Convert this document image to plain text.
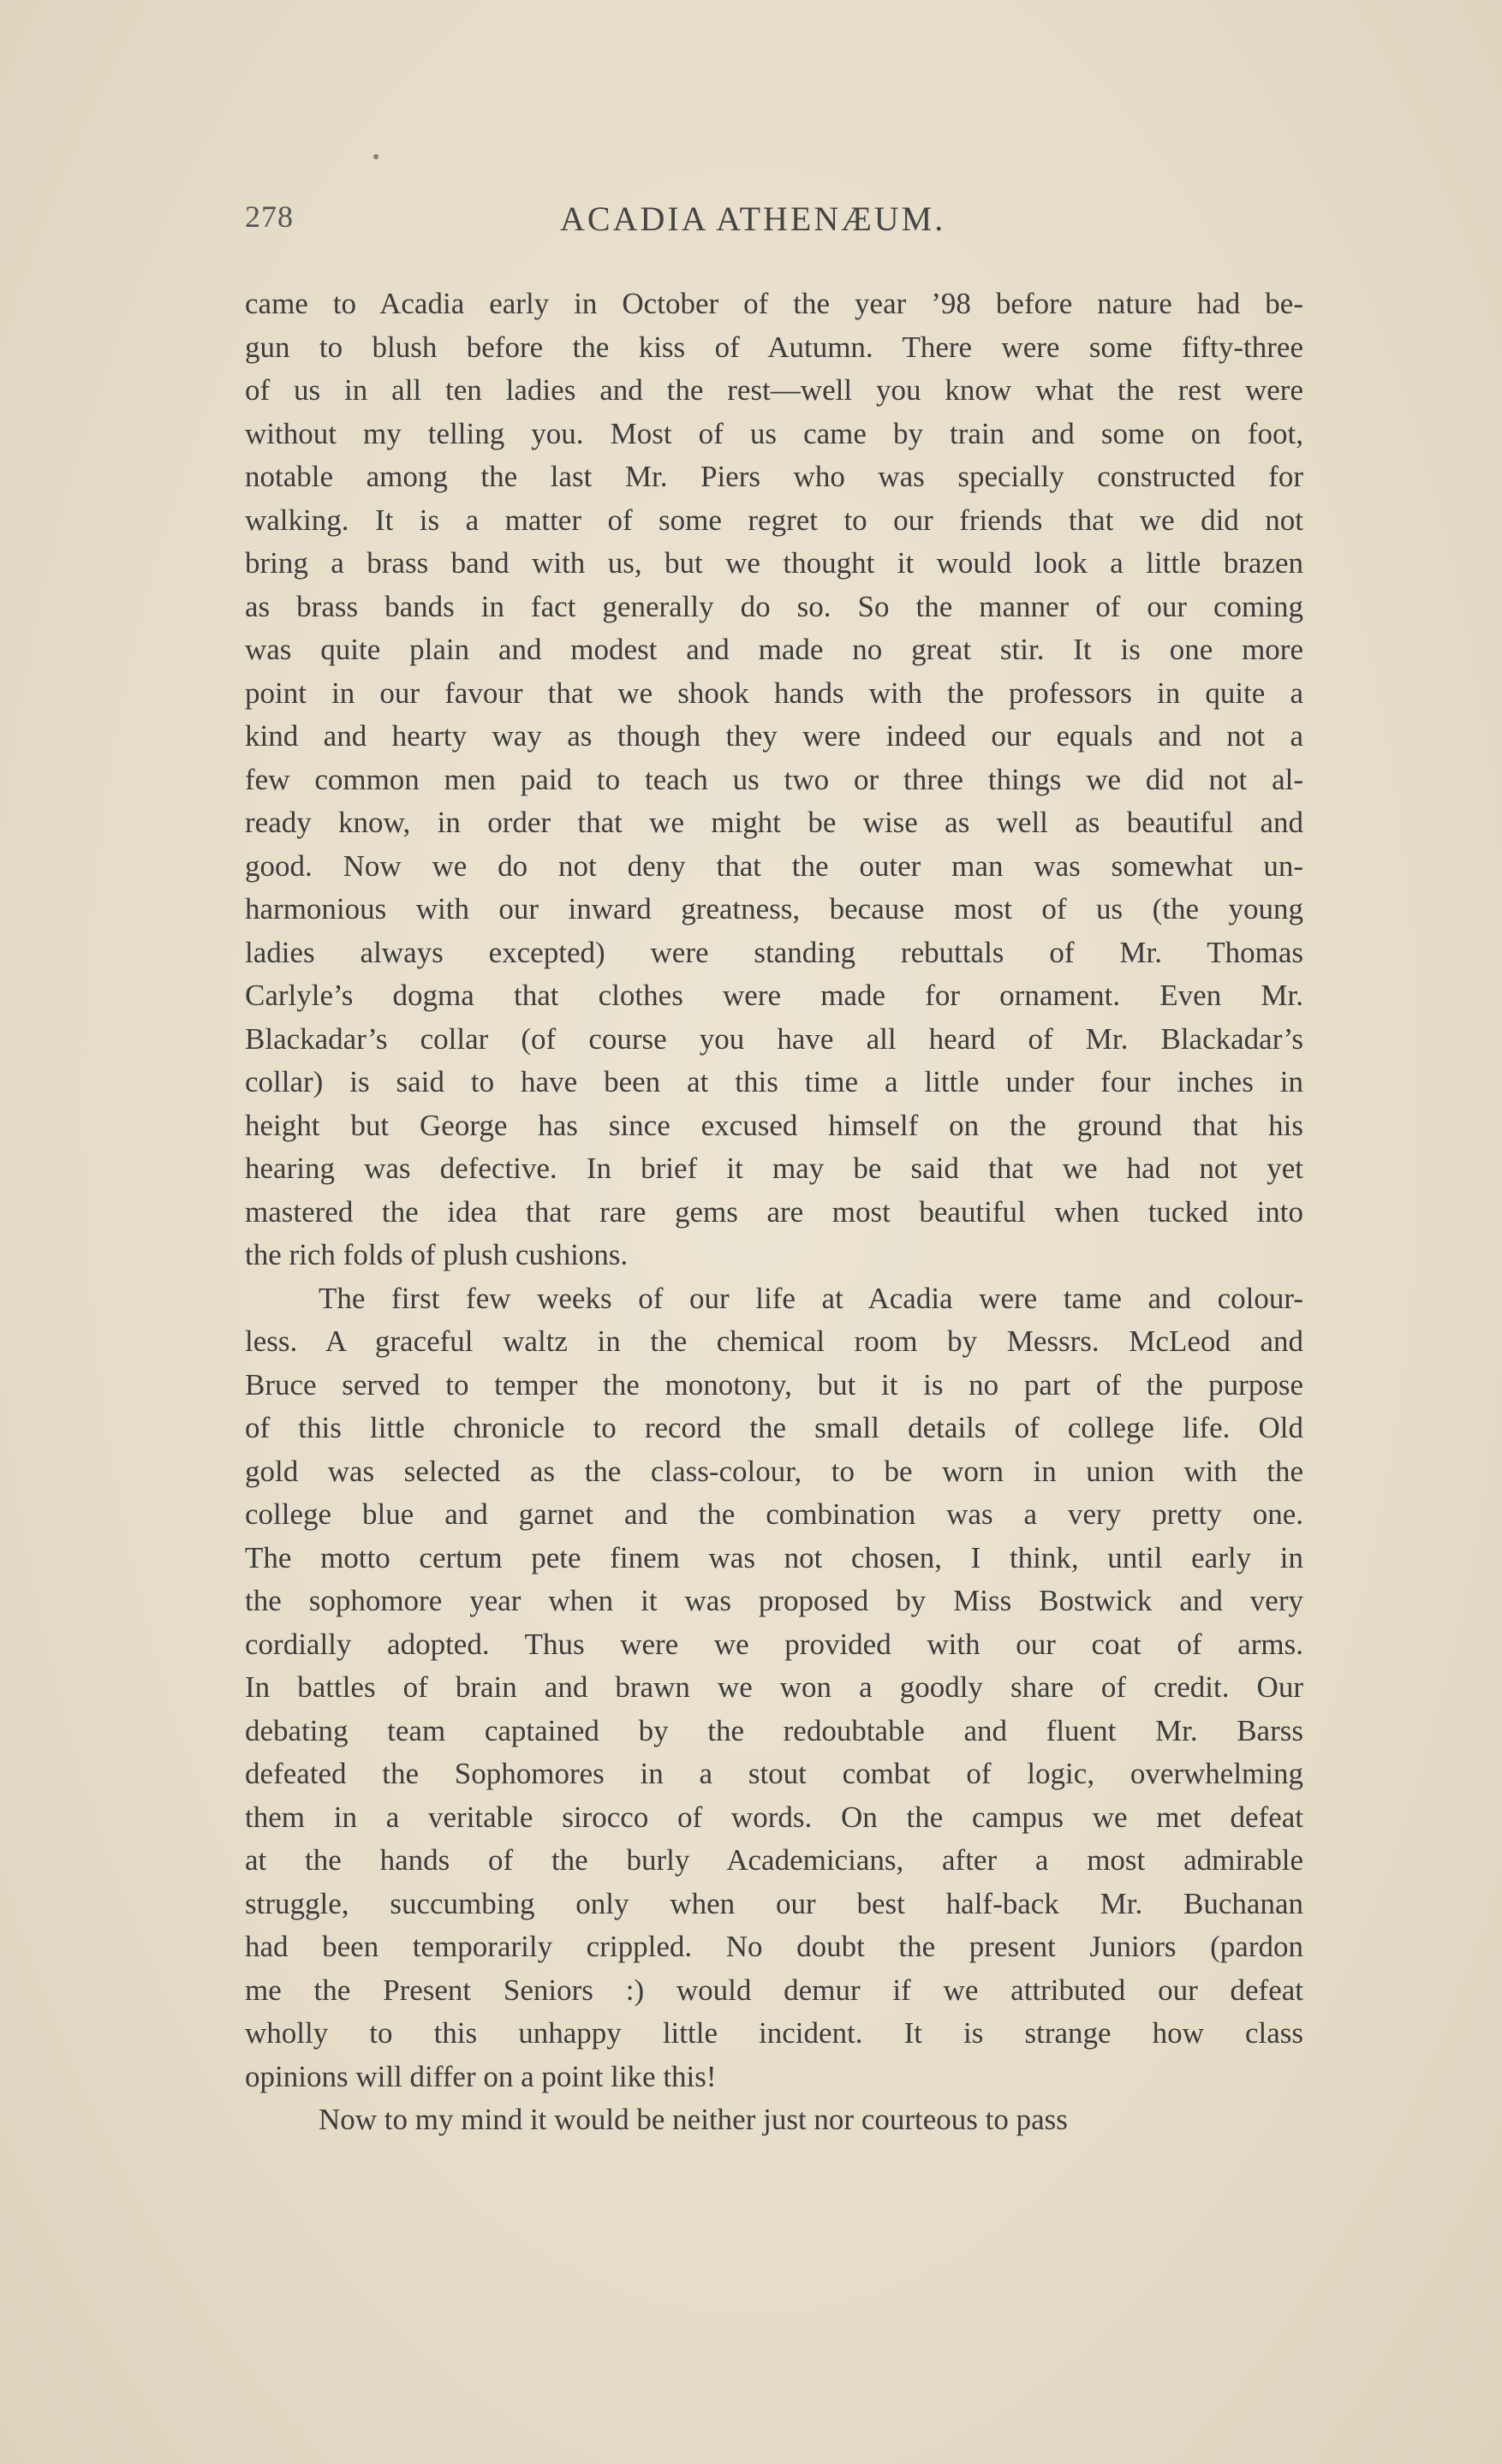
278	ACADIA ATHENÆUM.
came to Acadia early in October of the year ’98 before nature had be-
gun to blush before the kiss of Autumn. There were some fifty-three
of us in all ten ladies and the rest—well you know what the rest were
without my telling you. Most of us came by train and some on foot,
notable among the last Mr. Piers who was specially constructed for
walking. It is a matter of some regret to our friends that we did not
bring a brass band with us, but we thought it would look a little brazen
as brass bands in fact generally do so. So the manner of our coming
was quite plain and modest and made no great stir. It is one more
point in our favour that we shook hands with the professors in quite a
kind and hearty way as though they were indeed our equals and not a
few common men paid to teach us two or three things we did not al-
ready know, in order that we might be wise as well as beautiful and
good. Now we do not deny that the outer man was somewhat un-
harmonious with our inward greatness, because most of us (the young
ladies always excepted) were standing rebuttals of Mr. Thomas
Carlyle’s dogma that clothes were made for ornament. Even Mr.
Blackadar’s collar (of course you have all heard of Mr. Blackadar’s
collar) is said to have been at this time a little under four inches in
height but George has since excused himself on the ground that his
hearing was defective. In brief it may be said that we had not yet
mastered the idea that rare gems are most beautiful when tucked into
the rich folds of plush cushions.
The first few weeks of our life at Acadia were tame and colour-
less. A graceful waltz in the chemical room by Messrs. McLeod and
Bruce served to temper the monotony, but it is no part of the purpose
of this little chronicle to record the small details of college life. Old
gold was selected as the class-colour, to be worn in union with the
college blue and garnet and the combination was a very pretty one.
The motto certum pete finem was not chosen, I think, until early in
the sophomore year when it was proposed by Miss Bostwick and very
cordially adopted. Thus were we provided with our coat of arms.
In battles of brain and brawn we won a goodly share of credit. Our
debating team captained by the redoubtable and fluent Mr. Barss
defeated the Sophomores in a stout combat of logic, overwhelming
them in a veritable sirocco of words. On the campus we met defeat
at the hands of the burly Academicians, after a most admirable
struggle, succumbing only when our best half-back Mr. Buchanan
had been temporarily crippled. No doubt the present Juniors (pardon
me the Present Seniors :) would demur if we attributed our defeat
wholly to this unhappy little incident. It is strange how class
opinions will differ on a point like this!
Now to my mind it would be neither just nor courteous to pass
